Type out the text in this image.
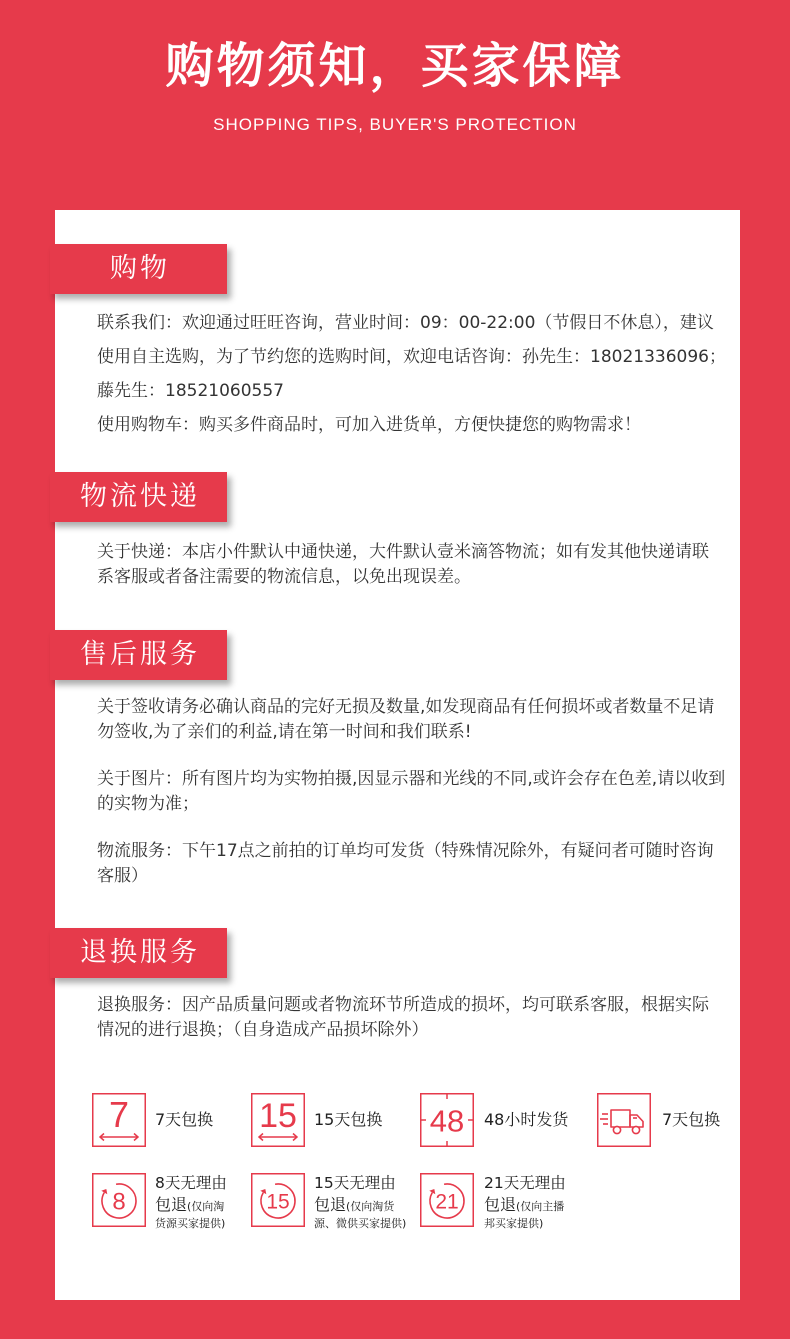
购物须知，买家保障
SHOPPING TIPS, BUYER'S PROTECTION
购物
联系我们：欢迎通过旺旺咨询，营业时间：09：00-22:00（节假日不休息），建议
使用自主选购，为了节约您的选购时间，欢迎电话咨询：孙先生：18021336096；
藤先生：18521060557
使用购物车：购买多件商品时，可加入进货单，方便快捷您的购物需求！
物流快递
关于快递：本店小件默认中通快递，大件默认壹米滴答物流；如有发其他快递请联
系客服或者备注需要的物流信息，以免出现误差。
售后服务
关于签收请务必确认商品的完好无损及数量,如发现商品有任何损坏或者数量不足请
勿签收,为了亲们的利益,请在第一时间和我们联系!
关于图片：所有图片均为实物拍摄,因显示器和光线的不同,或许会存在色差,请以收到
的实物为准；
物流服务：下午17点之前拍的订单均可发货（特殊情况除外，有疑问者可随时咨询
客服）
退换服务
退换服务：因产品质量问题或者物流环节所造成的损坏，均可联系客服，根据实际
情况的进行退换；（自身造成产品损坏除外）
7 7天包换 15 15天包换 48 48小时发货	7天包换
8
8天无理由
包退(仅向淘
货源买家提供)
15
15天无理由
包退(仅向淘货
源、微供买家提供)
21
21天无理由
包退(仅向主播
邦买家提供)
